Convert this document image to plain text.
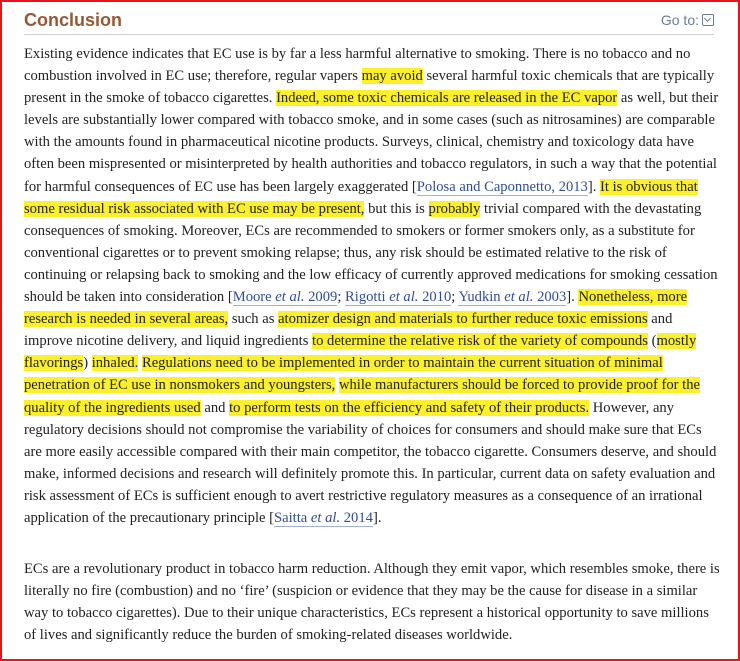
Conclusion	Go to:

Existing evidence indicates that EC use is by far a less harmful alternative to smoking. There is no tobacco and no combustion involved in EC use; therefore, regular vapers may avoid several harmful toxic chemicals that are typically present in the smoke of tobacco cigarettes. Indeed, some toxic chemicals are released in the EC vapor as well, but their levels are substantially lower compared with tobacco smoke, and in some cases (such as nitrosamines) are comparable with the amounts found in pharmaceutical nicotine products. Surveys, clinical, chemistry and toxicology data have often been mispresented or misinterpreted by health authorities and tobacco regulators, in such a way that the potential for harmful consequences of EC use has been largely exaggerated [Polosa and Caponnetto, 2013]. It is obvious that some residual risk associated with EC use may be present, but this is probably trivial compared with the devastating consequences of smoking. Moreover, ECs are recommended to smokers or former smokers only, as a substitute for conventional cigarettes or to prevent smoking relapse; thus, any risk should be estimated relative to the risk of continuing or relapsing back to smoking and the low efficacy of currently approved medications for smoking cessation should be taken into consideration [Moore et al. 2009; Rigotti et al. 2010; Yudkin et al. 2003]. Nonetheless, more research is needed in several areas, such as atomizer design and materials to further reduce toxic emissions and improve nicotine delivery, and liquid ingredients to determine the relative risk of the variety of compounds (mostly flavorings) inhaled. Regulations need to be implemented in order to maintain the current situation of minimal penetration of EC use in nonsmokers and youngsters, while manufacturers should be forced to provide proof for the quality of the ingredients used and to perform tests on the efficiency and safety of their products. However, any regulatory decisions should not compromise the variability of choices for consumers and should make sure that ECs are more easily accessible compared with their main competitor, the tobacco cigarette. Consumers deserve, and should make, informed decisions and research will definitely promote this. In particular, current data on safety evaluation and risk assessment of ECs is sufficient enough to avert restrictive regulatory measures as a consequence of an irrational application of the precautionary principle [Saitta et al. 2014].

ECs are a revolutionary product in tobacco harm reduction. Although they emit vapor, which resembles smoke, there is literally no fire (combustion) and no ‘fire’ (suspicion or evidence that they may be the cause for disease in a similar way to tobacco cigarettes). Due to their unique characteristics, ECs represent a historical opportunity to save millions of lives and significantly reduce the burden of smoking-related diseases worldwide.
